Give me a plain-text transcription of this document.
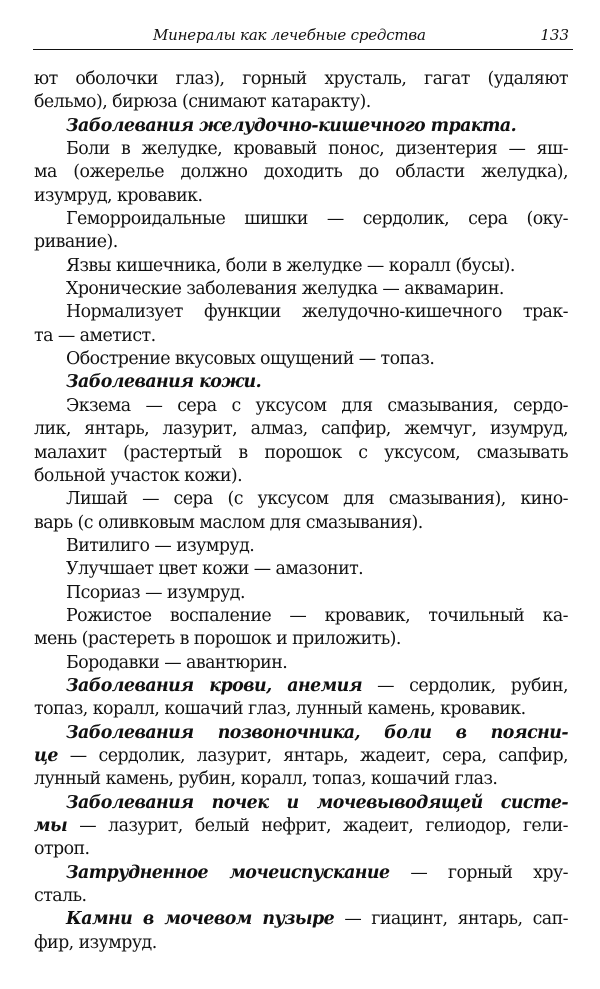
Минералы как лечебные средства	133
ют оболочки глаз), горный хрусталь, гагат (удаляют
бельмо), бирюза (снимают катаракту).
Заболевания желудочно-кишечного тракта.
Боли в желудке, кровавый понос, дизентерия — яш-
ма (ожерелье должно доходить до области желудка),
изумруд, кровавик.
Геморроидальные шишки — сердолик, сера (оку-
ривание).
Язвы кишечника, боли в желудке — коралл (бусы).
Хронические заболевания желудка — аквамарин.
Нормализует функции желудочно-кишечного трак-
та — аметист.
Обострение вкусовых ощущений — топаз.
Заболевания кожи.
Экзема — сера с уксусом для смазывания, сердо-
лик, янтарь, лазурит, алмаз, сапфир, жемчуг, изумруд,
малахит (растертый в порошок с уксусом, смазывать
больной участок кожи).
Лишай — сера (с уксусом для смазывания), кино-
варь (с оливковым маслом для смазывания).
Витилиго — изумруд.
Улучшает цвет кожи — амазонит.
Псориаз — изумруд.
Рожистое воспаление — кровавик, точильный ка-
мень (растереть в порошок и приложить).
Бородавки — авантюрин.
Заболевания крови, анемия — сердолик, рубин,
топаз, коралл, кошачий глаз, лунный камень, кровавик.
Заболевания позвоночника, боли в поясни-
це — сердолик, лазурит, янтарь, жадеит, сера, сапфир,
лунный камень, рубин, коралл, топаз, кошачий глаз.
Заболевания почек и мочевыводящей систе-
мы — лазурит, белый нефрит, жадеит, гелиодор, гели-
отроп.
Затрудненное мочеиспускание — горный хру-
сталь.
Камни в мочевом пузыре — гиацинт, янтарь, сап-
фир, изумруд.
